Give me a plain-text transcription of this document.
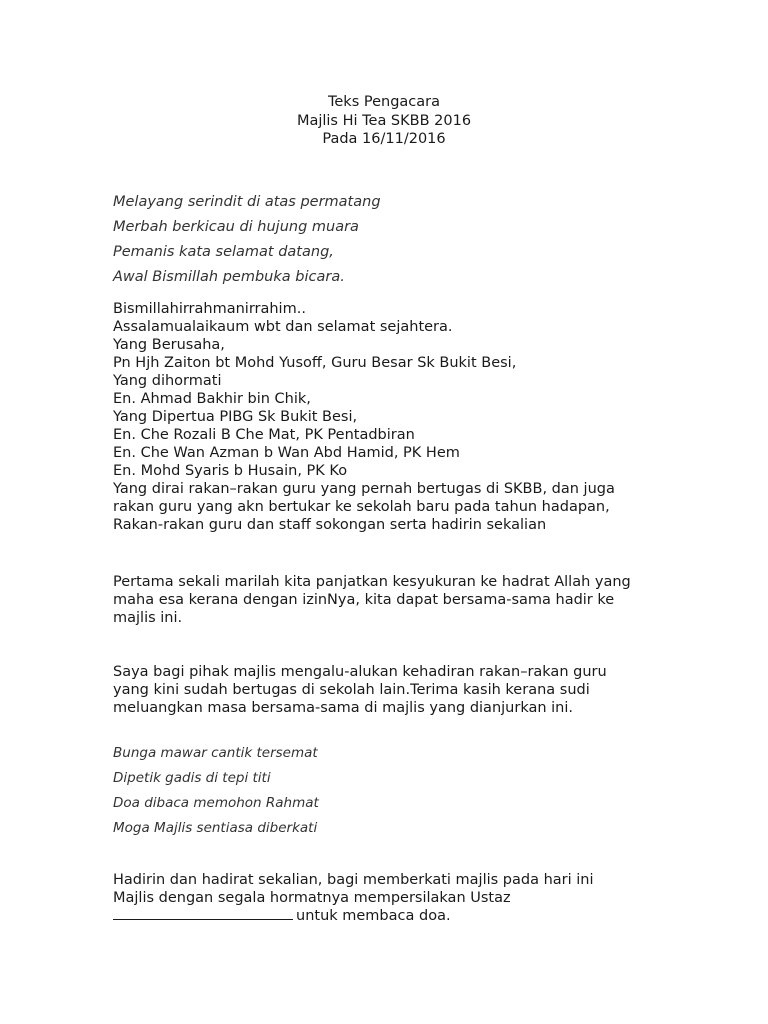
Teks Pengacara
Majlis Hi Tea SKBB 2016
Pada 16/11/2016
Melayang serindit di atas permatang
Merbah berkicau di hujung muara
Pemanis kata selamat datang,
Awal Bismillah pembuka bicara.
Bismillahirrahmanirrahim..
Assalamualaikaum wbt dan selamat sejahtera.
Yang Berusaha,
Pn Hjh Zaiton bt Mohd Yusoff, Guru Besar Sk Bukit Besi,
Yang dihormati
En. Ahmad Bakhir bin Chik,
Yang Dipertua PIBG Sk Bukit Besi,
En. Che Rozali B Che Mat, PK Pentadbiran
En. Che Wan Azman b Wan Abd Hamid, PK Hem
En. Mohd Syaris b Husain, PK Ko
Yang dirai rakan–rakan guru yang pernah bertugas di SKBB, dan juga
rakan guru yang akn bertukar ke sekolah baru pada tahun hadapan,
Rakan-rakan guru dan staff sokongan serta hadirin sekalian
Pertama sekali marilah kita panjatkan kesyukuran ke hadrat Allah yang
maha esa kerana dengan izinNya, kita dapat bersama-sama hadir ke
majlis ini.
Saya bagi pihak majlis mengalu-alukan kehadiran rakan–rakan guru
yang kini sudah bertugas di sekolah lain.Terima kasih kerana sudi
meluangkan masa bersama-sama di majlis yang dianjurkan ini.
Bunga mawar cantik tersemat
Dipetik gadis di tepi titi
Doa dibaca memohon Rahmat
Moga Majlis sentiasa diberkati
Hadirin dan hadirat sekalian, bagi memberkati majlis pada hari ini
Majlis dengan segala hormatnya mempersilakan Ustaz
untuk membaca doa.
